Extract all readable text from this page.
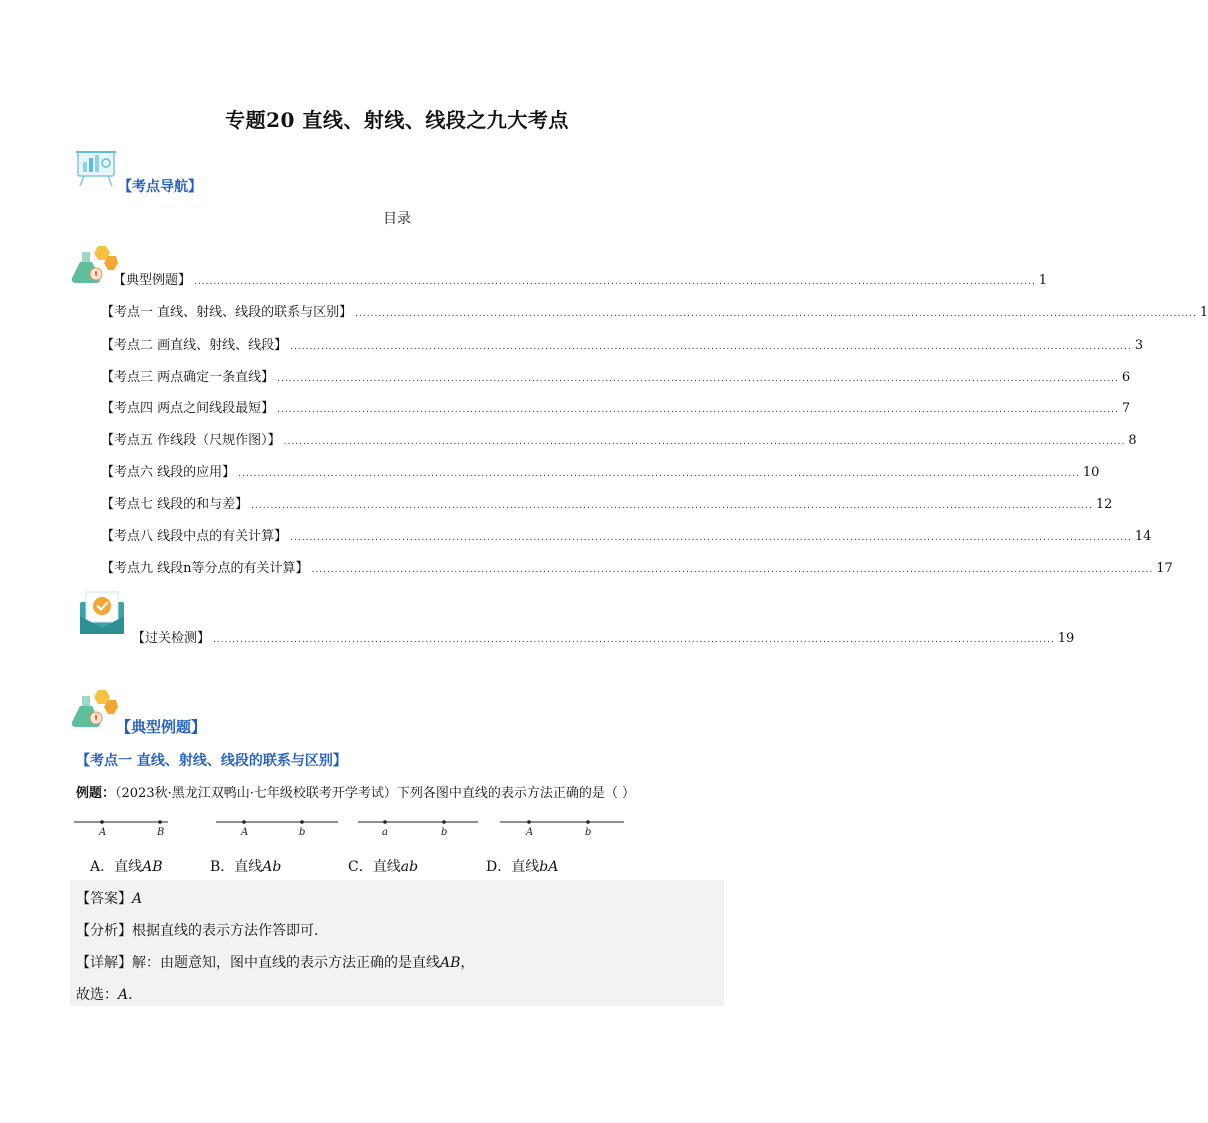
专题20 直线、射线、线段之九大考点
【考点导航】
目录
【典型例题】 .......................................................................................................................................................................................................................... 1
【考点一 直线、射线、线段的联系与区别】 .......................................................................................................................................................................................................................... 1
【考点二 画直线、射线、线段】 .......................................................................................................................................................................................................................... 3
【考点三 两点确定一条直线】 .......................................................................................................................................................................................................................... 6
【考点四 两点之间线段最短】 .......................................................................................................................................................................................................................... 7
【考点五 作线段（尺规作图）】 .......................................................................................................................................................................................................................... 8
【考点六 线段的应用】 .......................................................................................................................................................................................................................... 10
【考点七 线段的和与差】 .......................................................................................................................................................................................................................... 12
【考点八 线段中点的有关计算】 .......................................................................................................................................................................................................................... 14
【考点九 线段n等分点的有关计算】 .......................................................................................................................................................................................................................... 17
【过关检测】 .......................................................................................................................................................................................................................... 19
【典型例题】
【考点一 直线、射线、线段的联系与区别】
例题：（2023秋·黑龙江双鸭山·七年级校联考开学考试）下列各图中直线的表示方法正确的是（ ）
A	B	A	b	a	b	A	b
A．直线AB	B．直线Ab	C．直线ab	D．直线bA
【答案】A
【分析】根据直线的表示方法作答即可．
【详解】解：由题意知，图中直线的表示方法正确的是直线AB，
故选：A．
